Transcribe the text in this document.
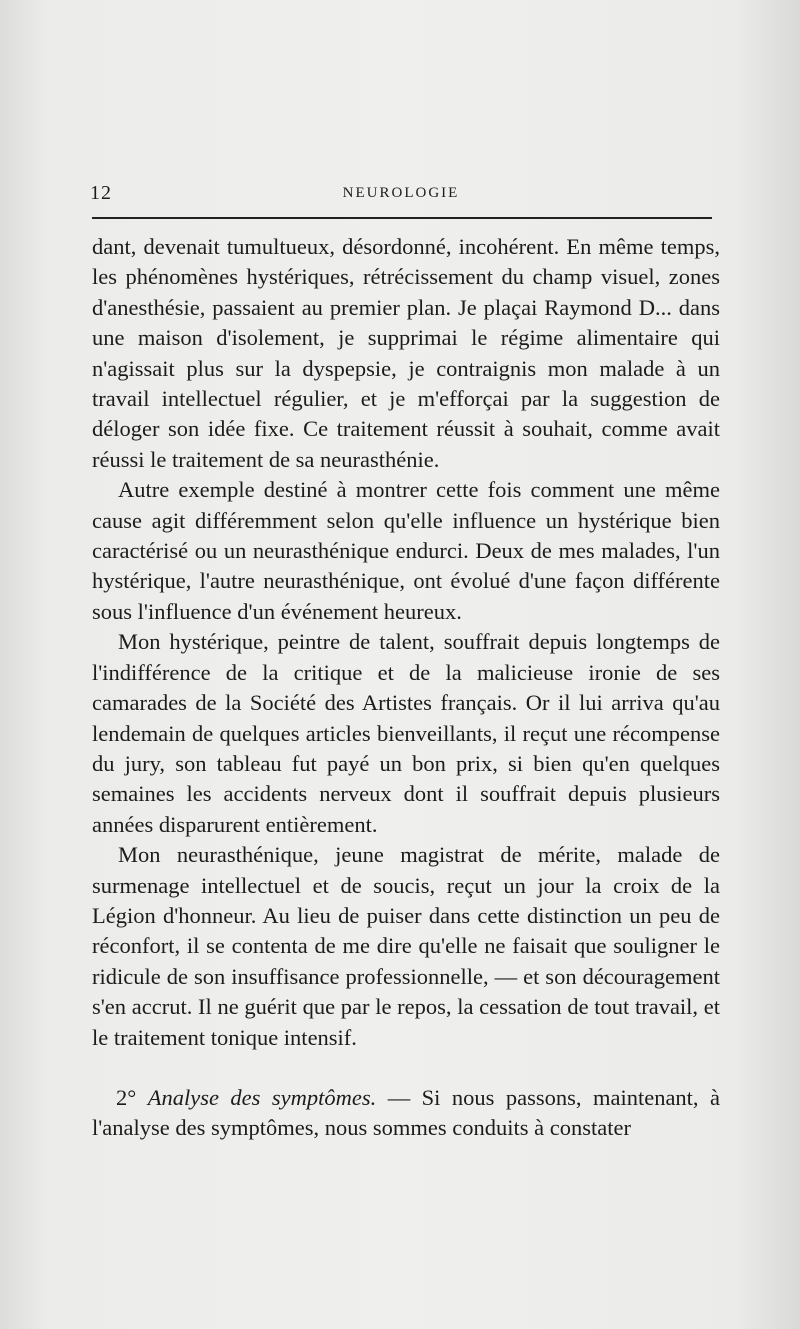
12	NEUROLOGIE

dant, devenait tumultueux, désordonné, incohérent. En même temps, les phénomènes hystériques, rétrécissement du champ visuel, zones d'anesthésie, passaient au premier plan. Je plaçai Raymond D... dans une maison d'isolement, je supprimai le régime alimentaire qui n'agissait plus sur la dyspepsie, je contraignis mon malade à un travail intellectuel régulier, et je m'efforçai par la suggestion de déloger son idée fixe. Ce traitement réussit à souhait, comme avait réussi le traitement de sa neurasthénie.

Autre exemple destiné à montrer cette fois comment une même cause agit différemment selon qu'elle influence un hystérique bien caractérisé ou un neurasthénique endurci. Deux de mes malades, l'un hystérique, l'autre neurasthénique, ont évolué d'une façon différente sous l'influence d'un événement heureux.

Mon hystérique, peintre de talent, souffrait depuis longtemps de l'indifférence de la critique et de la malicieuse ironie de ses camarades de la Société des Artistes français. Or il lui arriva qu'au lendemain de quelques articles bienveillants, il reçut une récompense du jury, son tableau fut payé un bon prix, si bien qu'en quelques semaines les accidents nerveux dont il souffrait depuis plusieurs années disparurent entièrement.

Mon neurasthénique, jeune magistrat de mérite, malade de surmenage intellectuel et de soucis, reçut un jour la croix de la Légion d'honneur. Au lieu de puiser dans cette distinction un peu de réconfort, il se contenta de me dire qu'elle ne faisait que souligner le ridicule de son insuffisance professionnelle, — et son découragement s'en accrut. Il ne guérit que par le repos, la cessation de tout travail, et le traitement tonique intensif.

2° Analyse des symptômes. — Si nous passons, maintenant, à l'analyse des symptômes, nous sommes conduits à constater
